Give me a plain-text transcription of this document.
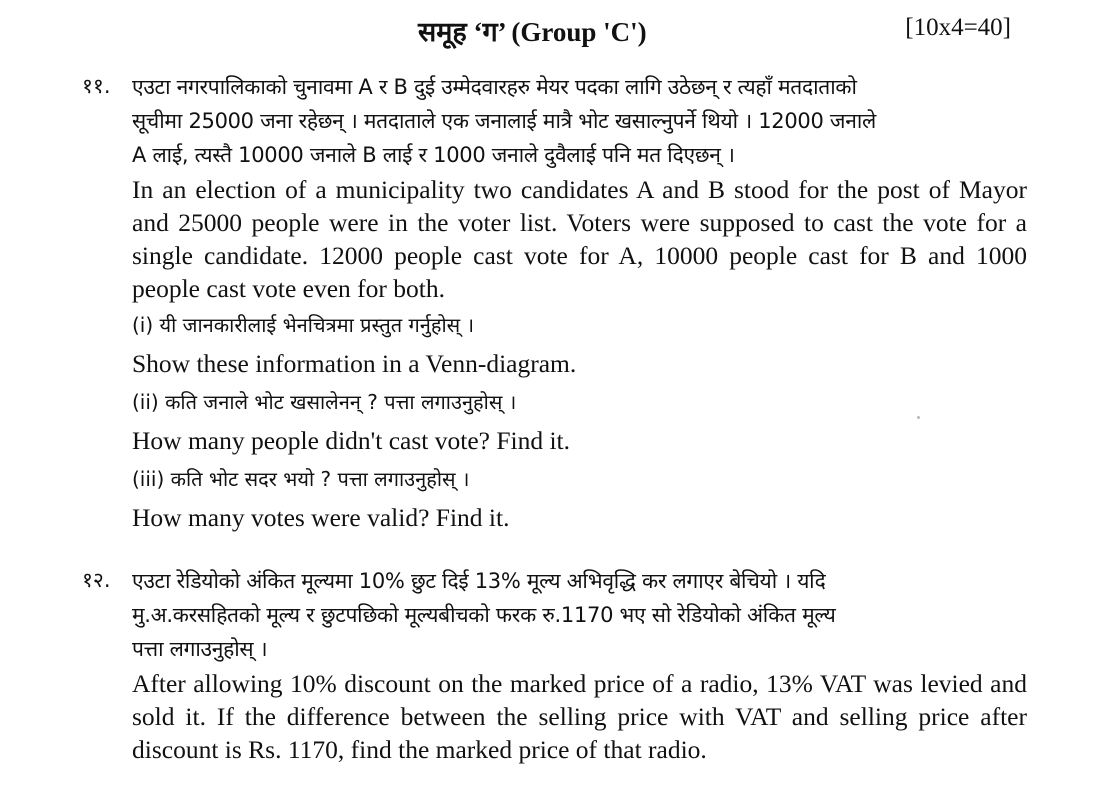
समूह ‘ग’ (Group 'C')	[10x4=40]
११. एउटा नगरपालिकाको चुनावमा A र B दुई उम्मेदवारहरु मेयर पदका लागि उठेछन् र त्यहाँ मतदाताको

सूचीमा 25000 जना रहेछन् । मतदाताले एक जनालाई मात्रै भोट खसाल्नुपर्ने थियो । 12000 जनाले

A लाई, त्यस्तै 10000 जनाले B लाई र 1000 जनाले दुवैलाई पनि मत दिएछन् ।

In an election of a municipality two candidates A and B stood for the post of Mayor and 25000 people were in the voter list. Voters were supposed to cast the vote for a single candidate. 12000 people cast vote for A, 10000 people cast for B and 1000 people cast vote even for both.

(i) यी जानकारीलाई भेनचित्रमा प्रस्तुत गर्नुहोस् ।

Show these information in a Venn-diagram.

(ii) कति जनाले भोट खसालेनन् ? पत्ता लगाउनुहोस् ।

How many people didn't cast vote? Find it.

(iii) कति भोट सदर भयो ? पत्ता लगाउनुहोस् ।

How many votes were valid? Find it.

१२. एउटा रेडियोको अंकित मूल्यमा 10% छुट दिई 13% मूल्य अभिवृद्धि कर लगाएर बेचियो । यदि

मु.अ.करसहितको मूल्य र छुटपछिको मूल्यबीचको फरक रु.1170 भए सो रेडियोको अंकित मूल्य

पत्ता लगाउनुहोस् ।

After allowing 10% discount on the marked price of a radio, 13% VAT was levied and sold it. If the difference between the selling price with VAT and selling price after discount is Rs. 1170, find the marked price of that radio.
